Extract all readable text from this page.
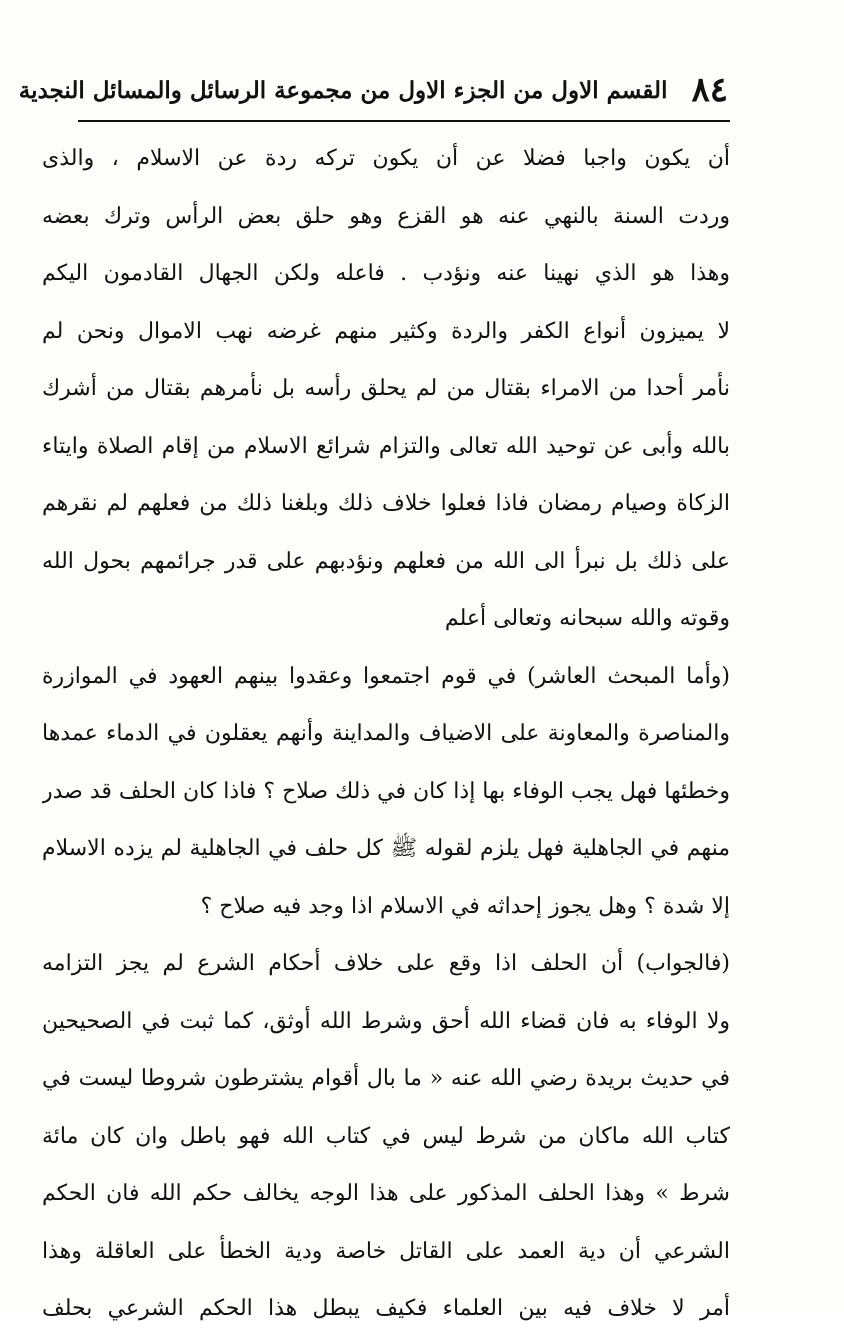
٨٤
القسم الاول من الجزء الاول من مجموعة الرسائل والمسائل النجدية
أن يكون واجبا فضلا عن أن يكون تركه ردة عن الاسلام ، والذى
وردت السنة بالنهي عنه هو القزع وهو حلق بعض الرأس وترك بعضه
وهذا هو الذي نهينا عنه ونؤدب . فاعله ولكن الجهال القادمون اليكم
لا يميزون أنواع الكفر والردة وكثير منهم غرضه نهب الاموال ونحن لم
نأمر أحدا من الامراء بقتال من لم يحلق رأسه بل نأمرهم بقتال من أشرك
بالله وأبى عن توحيد الله تعالى والتزام شرائع الاسلام من إقام الصلاة وايتاء
الزكاة وصيام رمضان فاذا فعلوا خلاف ذلك وبلغنا ذلك من فعلهم لم نقرهم
على ذلك بل نبرأ الى الله من فعلهم ونؤدبهم على قدر جرائمهم بحول الله
وقوته والله سبحانه وتعالى أعلم
(وأما المبحث العاشر) في قوم اجتمعوا وعقدوا بينهم العهود في الموازرة
والمناصرة والمعاونة على الاضياف والمداينة وأنهم يعقلون في الدماء عمدها
وخطئها فهل يجب الوفاء بها إذا كان في ذلك صلاح ؟ فاذا كان الحلف قد صدر
منهم في الجاهلية فهل يلزم لقوله ﷺ كل حلف في الجاهلية لم يزده الاسلام
إلا شدة ؟ وهل يجوز إحداثه في الاسلام اذا وجد فيه صلاح ؟
(فالجواب) أن الحلف اذا وقع على خلاف أحكام الشرع لم يجز التزامه
ولا الوفاء به فان قضاء الله أحق وشرط الله أوثق، كما ثبت في الصحيحين
في حديث بريدة رضي الله عنه « ما بال أقوام يشترطون شروطا ليست في
كتاب الله ماكان من شرط ليس في كتاب الله فهو باطل وان كان مائة
شرط » وهذا الحلف المذكور على هذا الوجه يخالف حكم الله فان الحكم
الشرعي أن دية العمد على القاتل خاصة ودية الخطأ على العاقلة وهذا
أمر لا خلاف فيه بين العلماء فكيف يبطل هذا الحكم الشرعي بحلف
